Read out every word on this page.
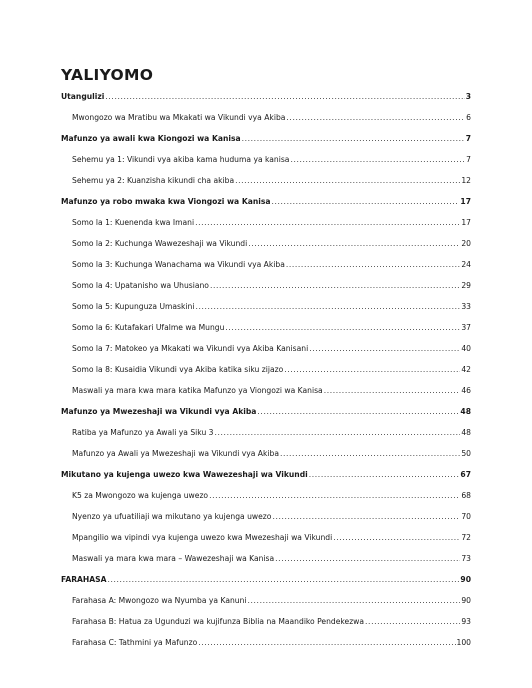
YALIYOMO
Utangulizi .....	3
Mwongozo wa Mratibu wa Mkakati wa Vikundi vya Akiba .....	6
Mafunzo ya awali kwa Kiongozi wa Kanisa .....	7
Sehemu ya 1: Vikundi vya akiba kama huduma ya kanisa .....	7
Sehemu ya 2: Kuanzisha kikundi cha akiba .....	12
Mafunzo ya robo mwaka kwa Viongozi wa Kanisa .....	17
Somo la 1: Kuenenda kwa Imani .....	17
Somo la 2: Kuchunga Wawezeshaji wa Vikundi .....	20
Somo la 3: Kuchunga Wanachama wa Vikundi vya Akiba .....	24
Somo la 4: Upatanisho wa Uhusiano .....	29
Somo la 5: Kupunguza Umaskini .....	33
Somo la 6: Kutafakari Ufalme wa Mungu .....	37
Somo la 7: Matokeo ya Mkakati wa Vikundi vya Akiba Kanisani .....	40
Somo la 8: Kusaidia Vikundi vya Akiba katika siku zijazo .....	42
Maswali ya mara kwa mara katika Mafunzo ya Viongozi wa Kanisa .....	46
Mafunzo ya Mwezeshaji wa Vikundi vya Akiba .....	48
Ratiba ya Mafunzo ya Awali ya Siku 3 .....	48
Mafunzo ya Awali ya Mwezeshaji wa Vikundi vya Akiba .....	50
Mikutano ya kujenga uwezo kwa Wawezeshaji wa Vikundi .....	67
K5 za Mwongozo wa kujenga uwezo .....	68
Nyenzo ya ufuatiliaji wa mikutano ya kujenga uwezo .....	70
Mpangilio wa vipindi vya kujenga uwezo kwa Mwezeshaji wa Vikundi .....	72
Maswali ya mara kwa mara – Wawezeshaji wa Kanisa .....	73
FARAHASA .....	90
Farahasa A: Mwongozo wa Nyumba ya Kanuni .....	90
Farahasa B: Hatua za Ugunduzi wa kujifunza Biblia na Maandiko Pendekezwa .....	93
Farahasa C: Tathmini ya Mafunzo .....	100
